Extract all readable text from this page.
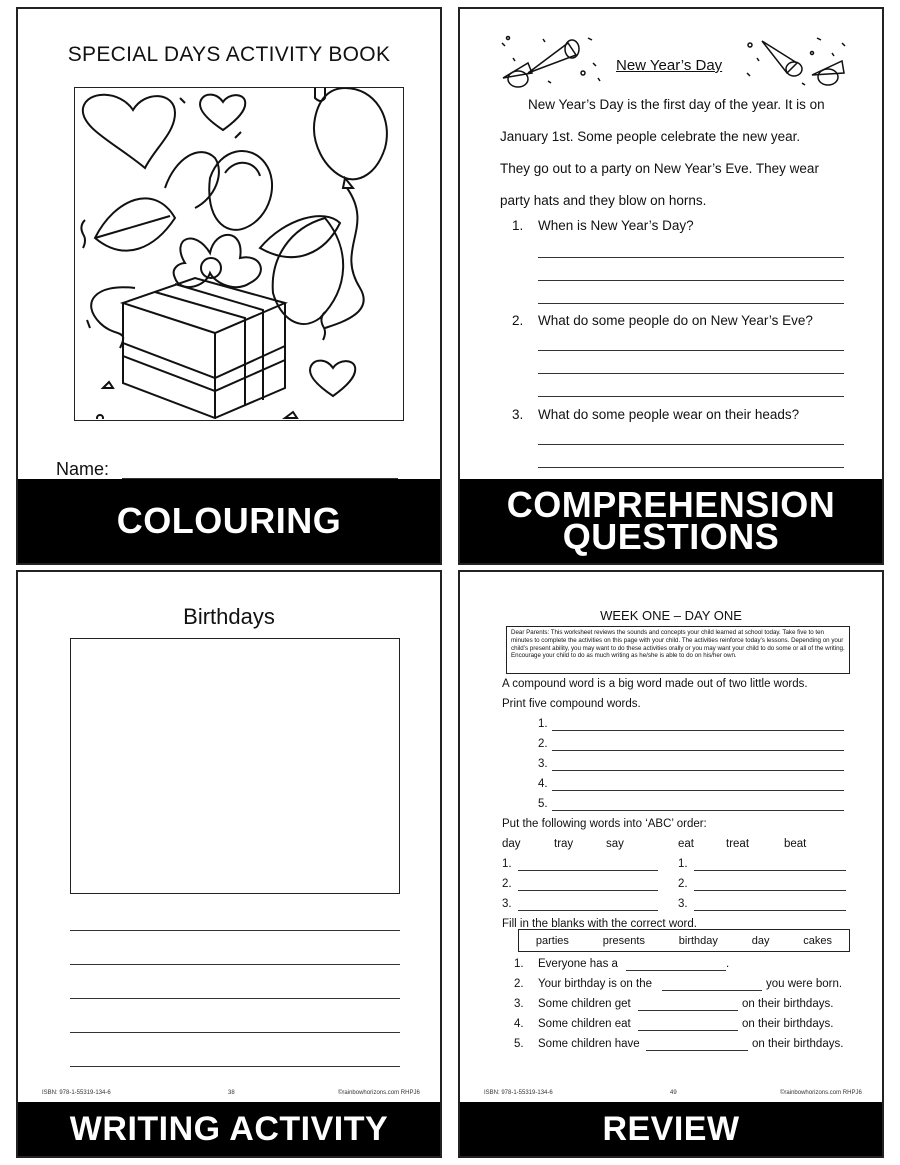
SPECIAL DAYS ACTIVITY BOOK
Name:
COLOURING
New Year’s Day
New Year’s Day is the first day of the year. It is on
January 1st. Some people celebrate the new year.
They go out to a party on New Year’s Eve. They wear
party hats and they blow on horns.
1. When is New Year’s Day?
2. What do some people do on New Year’s Eve?
3. What do some people wear on their heads?
COMPREHENSION
QUESTIONS
Birthdays
ISBN: 978-1-55319-134-6	38	©rainbowhorizons.com RHPJ6
WRITING ACTIVITY
WEEK ONE – DAY ONE
Dear Parents: This worksheet reviews the sounds and concepts your child learned at school today. Take five to ten minutes to complete the activities on this page with your child. The activities reinforce today’s lessons. Depending on your child’s present ability, you may want to do these activities orally or you may want your child to do some or all of the writing. Encourage your child to do as much writing as he/she is able to do on his/her own.
A compound word is a big word made out of two little words.
Print five compound words.
1.
2.
3.
4.
5.
Put the following words into ‘ABC’ order:
day	tray	say	eat	treat	beat
1.	1.
2.	2.
3.	3.
Fill in the blanks with the correct word.
parties	presents	birthday	day	cakes
1. Everyone has a	.
2. Your birthday is on the	you were born.
3. Some children get	on their birthdays.
4. Some children eat	on their birthdays.
5. Some children have	on their birthdays.
ISBN: 978-1-55319-134-6	49	©rainbowhorizons.com RHPJ6
REVIEW
